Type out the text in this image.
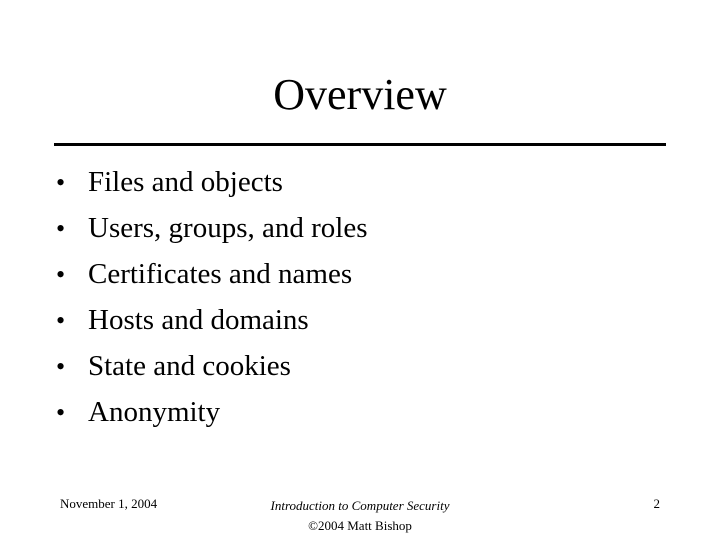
Overview
• Files and objects
• Users, groups, and roles
• Certificates and names
• Hosts and domains
• State and cookies
• Anonymity
November 1, 2004	Introduction to Computer Security
©2004 Matt Bishop
2
